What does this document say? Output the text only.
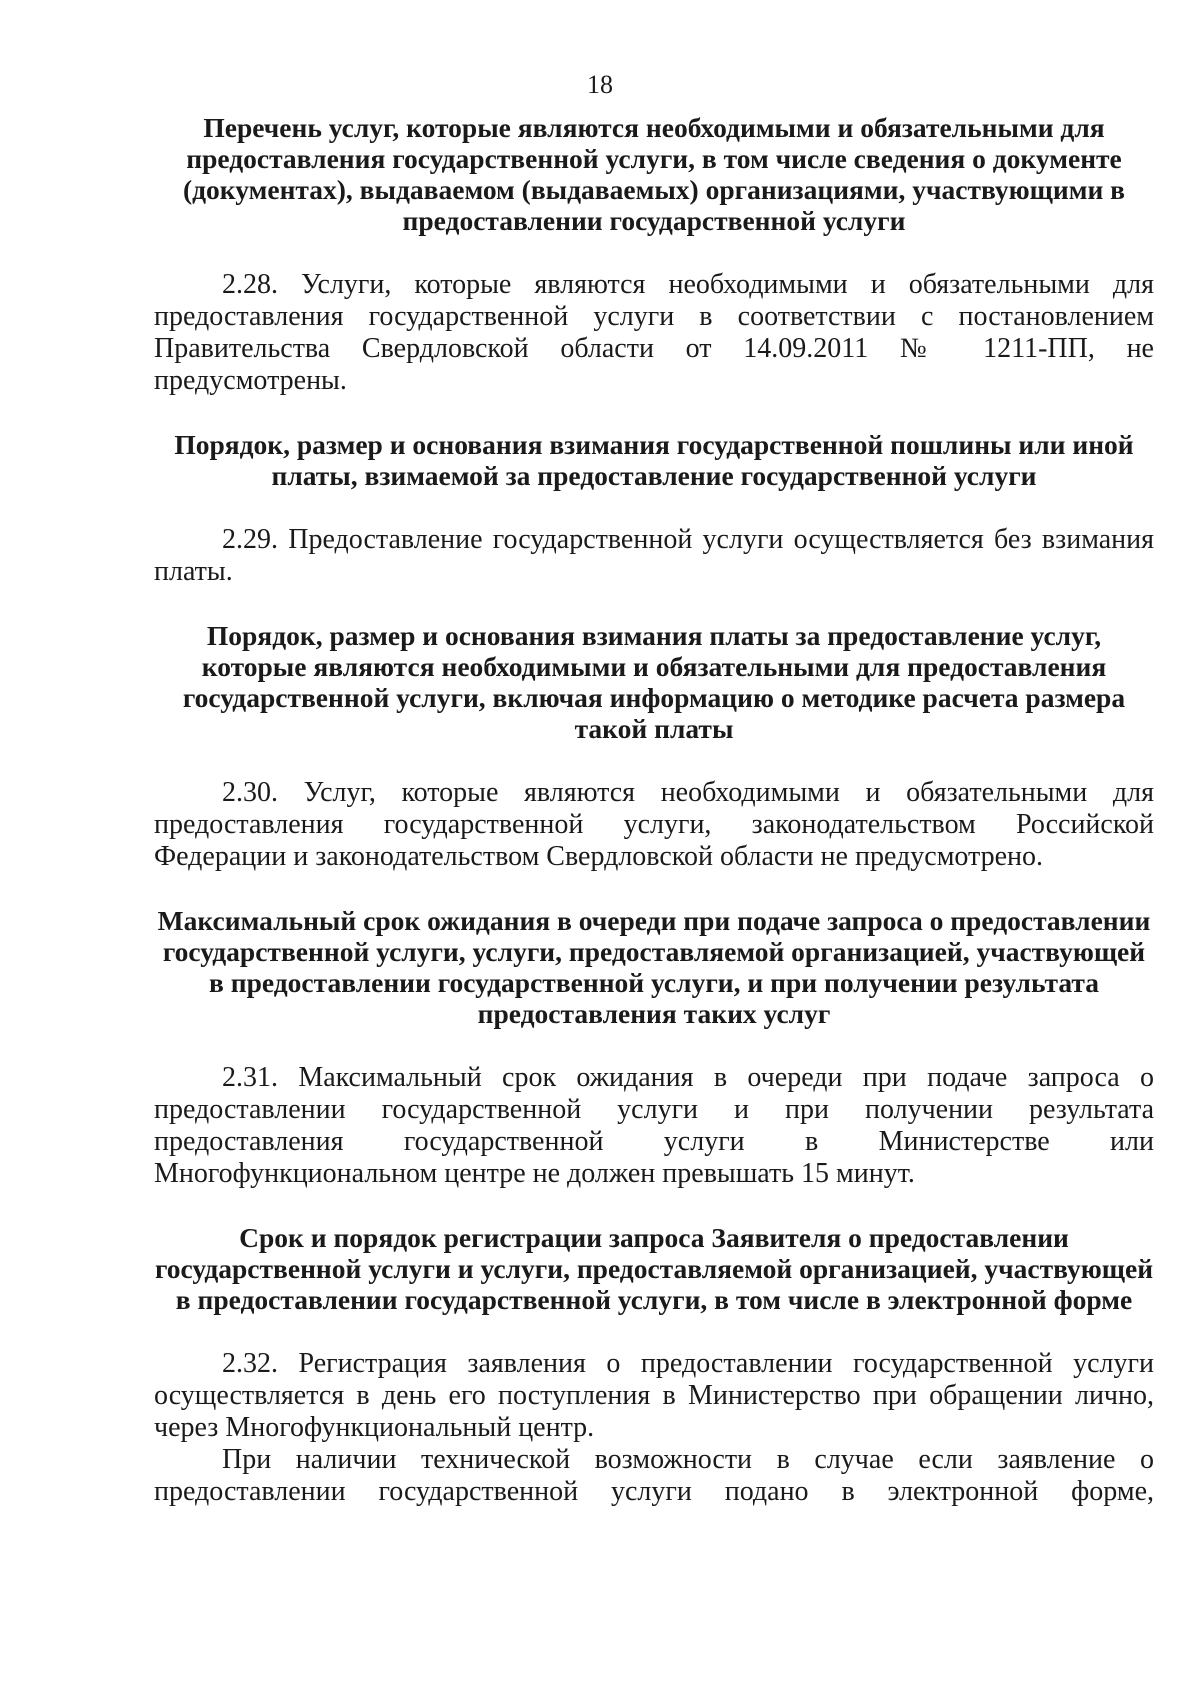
18
Перечень услуг, которые являются необходимыми и обязательными для предоставления государственной услуги, в том числе сведения о документе (документах), выдаваемом (выдаваемых) организациями, участвующими в предоставлении государственной услуги

2.28. Услуги, которые являются необходимыми и обязательными для предоставления государственной услуги в соответствии с постановлением Правительства Свердловской области от 14.09.2011 № 1211-ПП, не предусмотрены.

Порядок, размер и основания взимания государственной пошлины или иной платы, взимаемой за предоставление государственной услуги

2.29. Предоставление государственной услуги осуществляется без взимания платы.

Порядок, размер и основания взимания платы за предоставление услуг, которые являются необходимыми и обязательными для предоставления государственной услуги, включая информацию о методике расчета размера такой платы

2.30. Услуг, которые являются необходимыми и обязательными для предоставления государственной услуги, законодательством Российской Федерации и законодательством Свердловской области не предусмотрено.

Максимальный срок ожидания в очереди при подаче запроса о предоставлении государственной услуги, услуги, предоставляемой организацией, участвующей в предоставлении государственной услуги, и при получении результата предоставления таких услуг

2.31. Максимальный срок ожидания в очереди при подаче запроса о предоставлении государственной услуги и при получении результата предоставления государственной услуги в Министерстве или Многофункциональном центре не должен превышать 15 минут.

Срок и порядок регистрации запроса Заявителя о предоставлении государственной услуги и услуги, предоставляемой организацией, участвующей в предоставлении государственной услуги, в том числе в электронной форме

2.32. Регистрация заявления о предоставлении государственной услуги осуществляется в день его поступления в Министерство при обращении лично, через Многофункциональный центр.

При наличии технической возможности в случае если заявление о предоставлении государственной услуги подано в электронной форме,
